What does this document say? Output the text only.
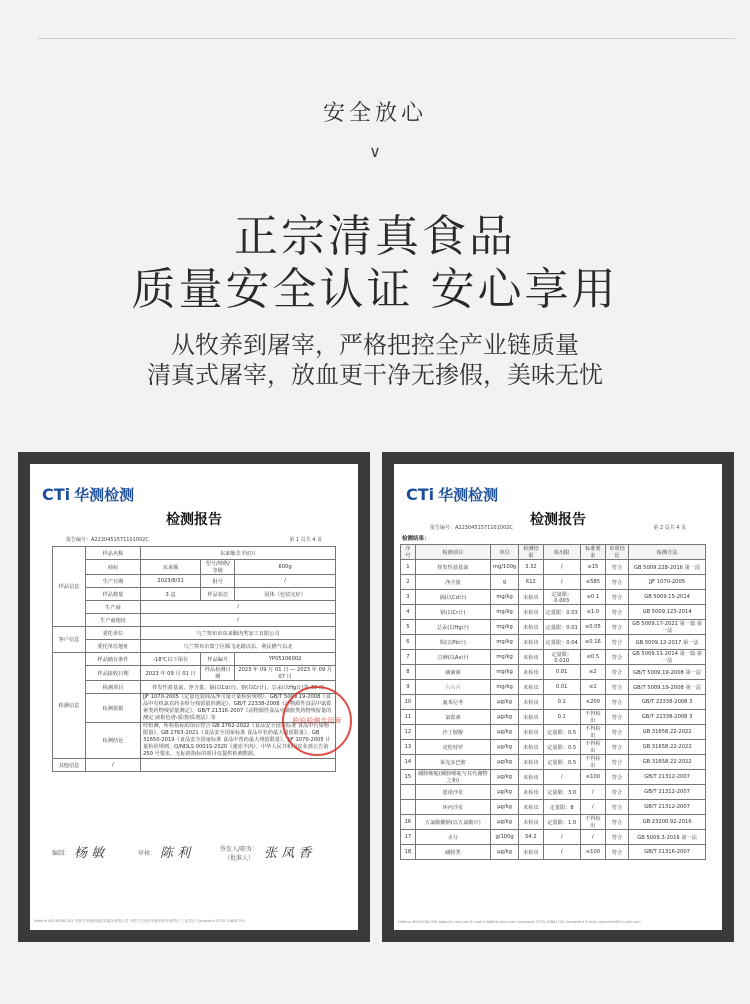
安全放心
∨
正宗清真食品
质量安全认证 安心享用
从牧养到屠宰，严格把控全产业链质量
清真式屠宰，放血更干净无掺假，美味无忧
CTi 华测检测
检测报告
报告编号：A2230451571101002C	第 1 页共 4 页
样品信息	样品名称	东来顺羔羊切片		
	商标	东来顺	型号/规格/等级	600g
	生产日期	2023/8/31	批号	/
	样品数量	3 盒	样品状态	固体（包装完好）
	生产商	/		
	生产商地址	/		
客户信息	委托单位	乌兰察布市东来顺肉类加工有限公司		
	委托单位地址	乌兰察布市集宁区腾飞北路以东、利民燃气以北		
检测信息	样品储存条件	-18℃以下保存	样品编号	YP05106002
	样品接收日期	2023 年 09 月 01 日	样品检测日期	2023 年 09 月 01 日 — 2023 年 09 月 07 日
	检测项目	挥发性盐基氮、净含量、镉(以Cd计)、铬(以Cr计)、总汞(以Hg计)等 40 项		
	检测依据	JJF 1070-2005《定量包装商品净含量计量检验规则》、GB/T 5009.19-2008《食品中有机氯农药多组分残留量的测定》、GB/T 22338-2008《动物源性食品中氯霉素类药物残留量测定》、GB/T 21316-2007《动物源性食品中磺胺类药物残留量的测定 液相色谱-质谱/质谱法》等		
	检测结论	经检测，所检指标的项目符合 GB 2762-2022《食品安全国家标准 食品中污染物限量》、GB 2763-2021《食品安全国家标准 食品中农药最大残留限量》、GB 31650-2019《食品安全国家标准 食品中兽药最大残留限量》、JJF 1070-2005 计量检验规则、Q/NDLS 0001S-2020《速冻羊肉》、中华人民共和国农业部公告第 250 号要求。无标准指标的项目仅提供检测数据。		
其他信息	/			
检验检测专用章
编制： 杨 敏	审核： 陈 利	签发人/职务：
（批准人） 张 凤 香
Hotline 400-6788-333 内蒙古华测检测技术服务有限公司 内蒙古自治区呼和浩特市赛罕区 工业园区 Complaint 0755-33681700
CTi 华测检测
检测报告
报告编号：A2230451571101002C	第 2 页共 4 页
检测结果：
序号	检测项目	单位	检测结果	检出限	标准要求	单项结论	检测方法
1	挥发性盐基氮	mg/100g	3.32	/	≤15	符合	GB 5009.228-2016 第一法
2	净含量	g	612	/	≥585	符合	JJF 1070-2005
3	镉(以Cd计)	mg/kg	未检出	定量限：0.003	≤0.1	符合	GB 5009.15-2014
4	铬(以Cr计)	mg/kg	未检出	定量限：0.03	≤1.0	符合	GB 5009.123-2014
5	总汞(以Hg计)	mg/kg	未检出	定量限：0.01	≤0.05	符合	GB 5009.17-2021 第一篇 第一法
6	铅(以Pb计)	mg/kg	未检出	定量限：0.04	≤0.16	符合	GB 5009.12-2017 第一法
7	总砷(以As计)	mg/kg	未检出	定量限：0.010	≤0.5	符合	GB 5009.11-2014 第一篇 第一法
8	滴滴涕	mg/kg	未检出	0.01	≤2	符合	GB/T 5009.19-2008 第一法
9	六六六	mg/kg	未检出	0.01	≤1	符合	GB/T 5009.19-2008 第一法
10	氟苯尼考	μg/kg	未检出	0.1	≤200	符合	GB/T 22338-2008 3
11	氯霉素	μg/kg	未检出	0.1	不得检出	符合	GB/T 22338-2008 3
12	沙丁胺醇	μg/kg	未检出	定量限：0.5	不得检出	符合	GB 31658.22-2022
13	克伦特罗	μg/kg	未检出	定量限：0.5	不得检出	符合	GB 31658.22-2022
14	莱克多巴胺	μg/kg	未检出	定量限：0.5	不得检出	符合	GB 31658.22-2022
15	磺胺嘧啶(磺胺嘧啶与其代谢物之和)	μg/kg	未检出	/	≤100	符合	GB/T 21312-2007
	恩诺沙星	μg/kg	未检出	定量限：3.0	/	符合	GB/T 21312-2007
	环丙沙星	μg/kg	未检出	定量限：8	/	符合	GB/T 21312-2007
16	五氯酚酸钠(以五氯酚计)	μg/kg	未检出	定量限：1.0	不得检出	符合	GB 23200.92-2016
17	水分	g/100g	54.2	/	/	符合	GB 5009.3-2016 第一法
18	磺胺类	μg/kg	未检出	/	≤100	符合	GB/T 21316-2007
Hotline 400-6788-333 www.cti-cert.com E-mail info@cti-cert.com Complaint 0755-33681700 Complaint E-mail complaint@cti-cert.com
